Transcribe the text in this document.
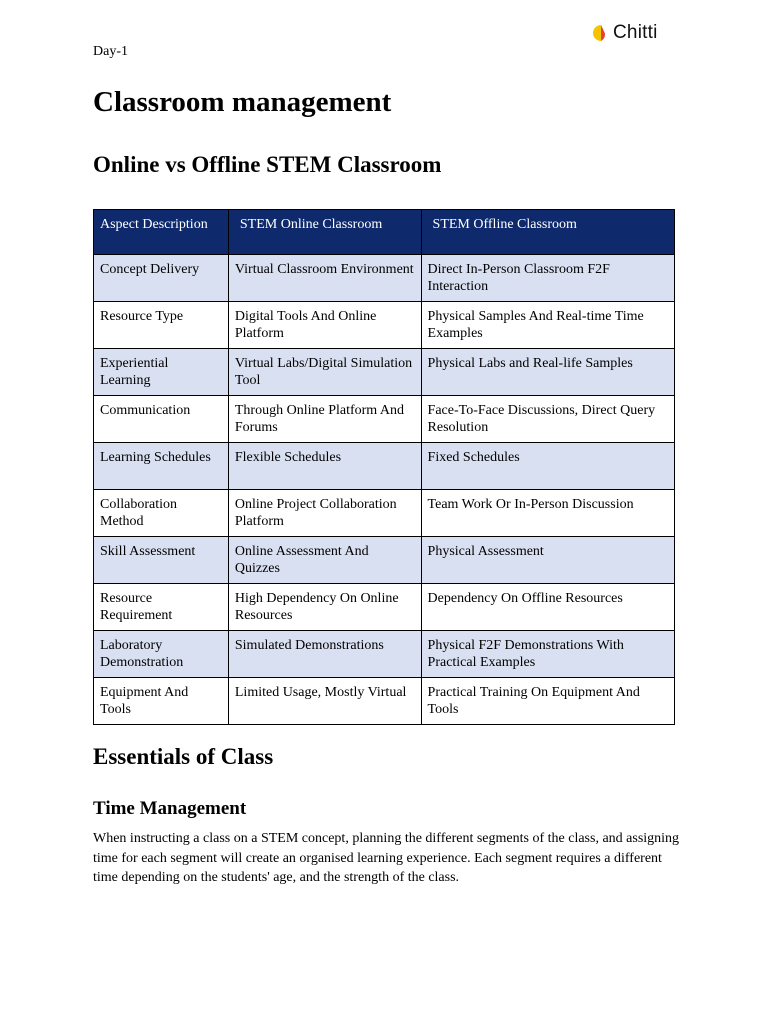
Day-1
Chitti
Classroom management
Online vs Offline STEM Classroom
Aspect Description	STEM Online Classroom	STEM Offline Classroom
Concept Delivery	Virtual Classroom Environment	Direct In-Person Classroom F2F Interaction
Resource Type	Digital Tools And Online Platform	Physical Samples And Real-time Time Examples
Experiential Learning	Virtual Labs/Digital Simulation Tool	Physical Labs and Real-life Samples
Communication	Through Online Platform And Forums	Face-To-Face Discussions, Direct Query Resolution
Learning Schedules	Flexible Schedules	Fixed Schedules
Collaboration Method	Online Project Collaboration Platform	Team Work Or In-Person Discussion
Skill Assessment	Online Assessment And Quizzes	Physical Assessment
Resource Requirement	High Dependency On Online Resources	Dependency On Offline Resources
Laboratory Demonstration	Simulated Demonstrations	Physical F2F Demonstrations With Practical Examples
Equipment And Tools	Limited Usage, Mostly Virtual	Practical Training On Equipment And Tools
Essentials of Class
Time Management

When instructing a class on a STEM concept, planning the different segments of the class, and assigning time for each segment will create an organised learning experience. Each segment requires a different time depending on the students' age, and the strength of the class.
